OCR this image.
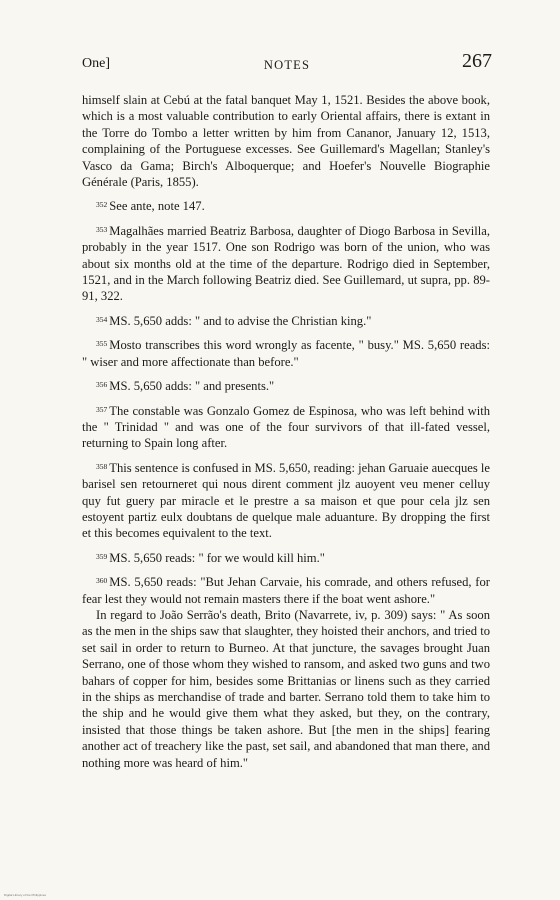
One]	NOTES	267

himself slain at Cebú at the fatal banquet May 1, 1521. Besides the above book, which is a most valuable contribution to early Oriental affairs, there is extant in the Torre do Tombo a letter written by him from Cananor, January 12, 1513, complaining of the Portuguese excesses. See Guillemard's Magellan; Stanley's Vasco da Gama; Birch's Alboquerque; and Hoefer's Nouvelle Biographie Générale (Paris, 1855).

$^{352}$ See ante, note 147.

$^{353}$ Magalhães married Beatriz Barbosa, daughter of Diogo Barbosa in Sevilla, probably in the year 1517. One son Rodrigo was born of the union, who was about six months old at the time of the departure. Rodrigo died in September, 1521, and in the March following Beatriz died. See Guillemard, ut supra, pp. 89-91, 322.

$^{354}$ MS. 5,650 adds: " and to advise the Christian king."

$^{355}$ Mosto transcribes this word wrongly as facente, " busy." MS. 5,650 reads: " wiser and more affectionate than before."

$^{356}$ MS. 5,650 adds: " and presents."

$^{357}$ The constable was Gonzalo Gomez de Espinosa, who was left behind with the " Trinidad " and was one of the four survivors of that ill-fated vessel, returning to Spain long after.

$^{358}$ This sentence is confused in MS. 5,650, reading: jehan Garuaie auecques le barisel sen retourneret qui nous dirent comment jlz auoyent veu mener celluy quy fut guery par miracle et le prestre a sa maison et que pour cela jlz sen estoyent partiz eulx doubtans de quelque male aduanture. By dropping the first et this becomes equivalent to the text.

$^{359}$ MS. 5,650 reads: " for we would kill him."

$^{360}$ MS. 5,650 reads: "But Jehan Carvaie, his comrade, and others refused, for fear lest they would not remain masters there if the boat went ashore."

In regard to João Serrão's death, Brito (Navarrete, iv, p. 309) says: " As soon as the men in the ships saw that slaughter, they hoisted their anchors, and tried to set sail in order to return to Burneo. At that juncture, the savages brought Juan Serrano, one of those whom they wished to ransom, and asked two guns and two bahars of copper for him, besides some Brittanias or linens such as they carried in the ships as merchandise of trade and barter. Serrano told them to take him to the ship and he would give them what they asked, but they, on the contrary, insisted that those things be taken ashore. But [the men in the ships] fearing another act of treachery like the past, set sail, and abandoned that man there, and nothing more was heard of him."

Digital Library of the Philippines
